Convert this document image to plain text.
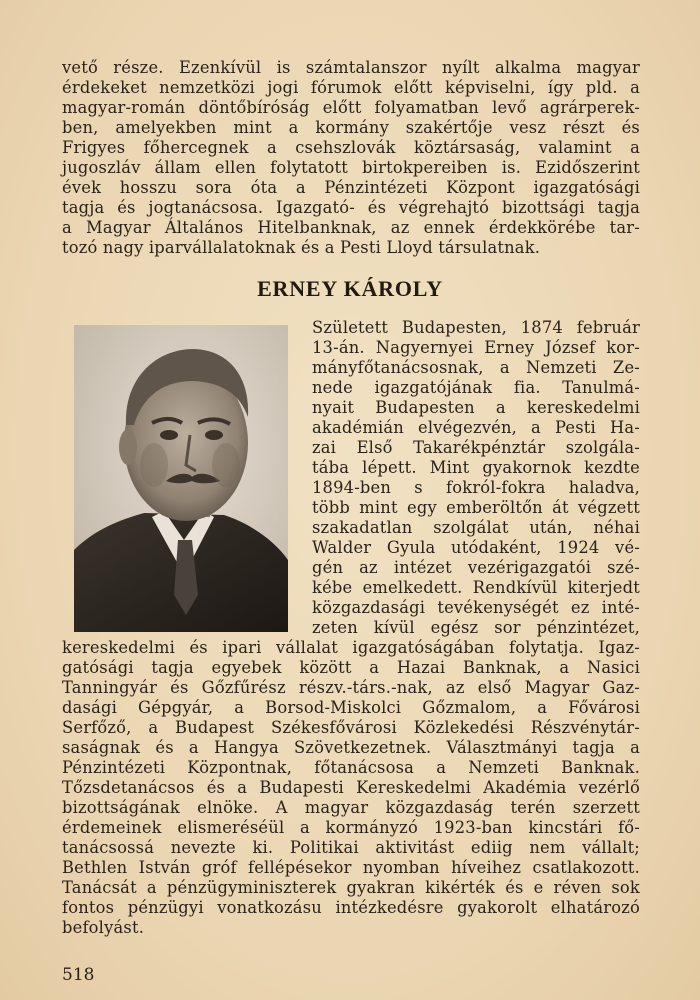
vető része. Ezenkívül is számtalanszor nyílt alkalma magyar
érdekeket nemzetközi jogi fórumok előtt képviselni, így pld. a
magyar-román döntőbíróság előtt folyamatban levő agrárperek-
ben, amelyekben mint a kormány szakértője vesz részt és
Frigyes főhercegnek a csehszlovák köztársaság, valamint a
jugoszláv állam ellen folytatott birtokpereiben is. Ezidőszerint
évek hosszu sora óta a Pénzintézeti Központ igazgatósági
tagja és jogtanácsosa. Igazgató- és végrehajtó bizottsági tagja
a Magyar Általános Hitelbanknak, az ennek érdekkörébe tar-
tozó nagy iparvállalatoknak és a Pesti Lloyd társulatnak.
ERNEY KÁROLY
Született Budapesten, 1874 február
13-án. Nagyernyei Erney József kor-
mányfőtanácsosnak, a Nemzeti Ze-
nede igazgatójának fia. Tanulmá-
nyait Budapesten a kereskedelmi
akadémián elvégezvén, a Pesti Ha-
zai Első Takarékpénztár szolgála-
tába lépett. Mint gyakornok kezdte
1894-ben s fokról-fokra haladva,
több mint egy emberöltőn át végzett
szakadatlan szolgálat után, néhai
Walder Gyula utódaként, 1924 vé-
gén az intézet vezérigazgatói szé-
kébe emelkedett. Rendkívül kiterjedt
közgazdasági tevékenységét ez inté-
zeten kívül egész sor pénzintézet,
kereskedelmi és ipari vállalat igazgatóságában folytatja. Igaz-
gatósági tagja egyebek között a Hazai Banknak, a Nasici
Tanningyár és Gőzfűrész részv.-társ.-nak, az első Magyar Gaz-
dasági Gépgyár, a Borsod-Miskolci Gőzmalom, a Fővárosi
Serfőző, a Budapest Székesfővárosi Közlekedési Részvénytár-
saságnak és a Hangya Szövetkezetnek. Választmányi tagja a
Pénzintézeti Központnak, főtanácsosa a Nemzeti Banknak.
Tőzsdetanácsos és a Budapesti Kereskedelmi Akadémia vezérlő
bizottságának elnöke. A magyar közgazdaság terén szerzett
érdemeinek elismeréséül a kormányzó 1923-ban kincstári fő-
tanácsossá nevezte ki. Politikai aktivitást ediig nem vállalt;
Bethlen István gróf fellépésekor nyomban híveihez csatlakozott.
Tanácsát a pénzügyminiszterek gyakran kikérték és e réven sok
fontos pénzügyi vonatkozásu intézkedésre gyakorolt elhatározó
befolyást.
518
